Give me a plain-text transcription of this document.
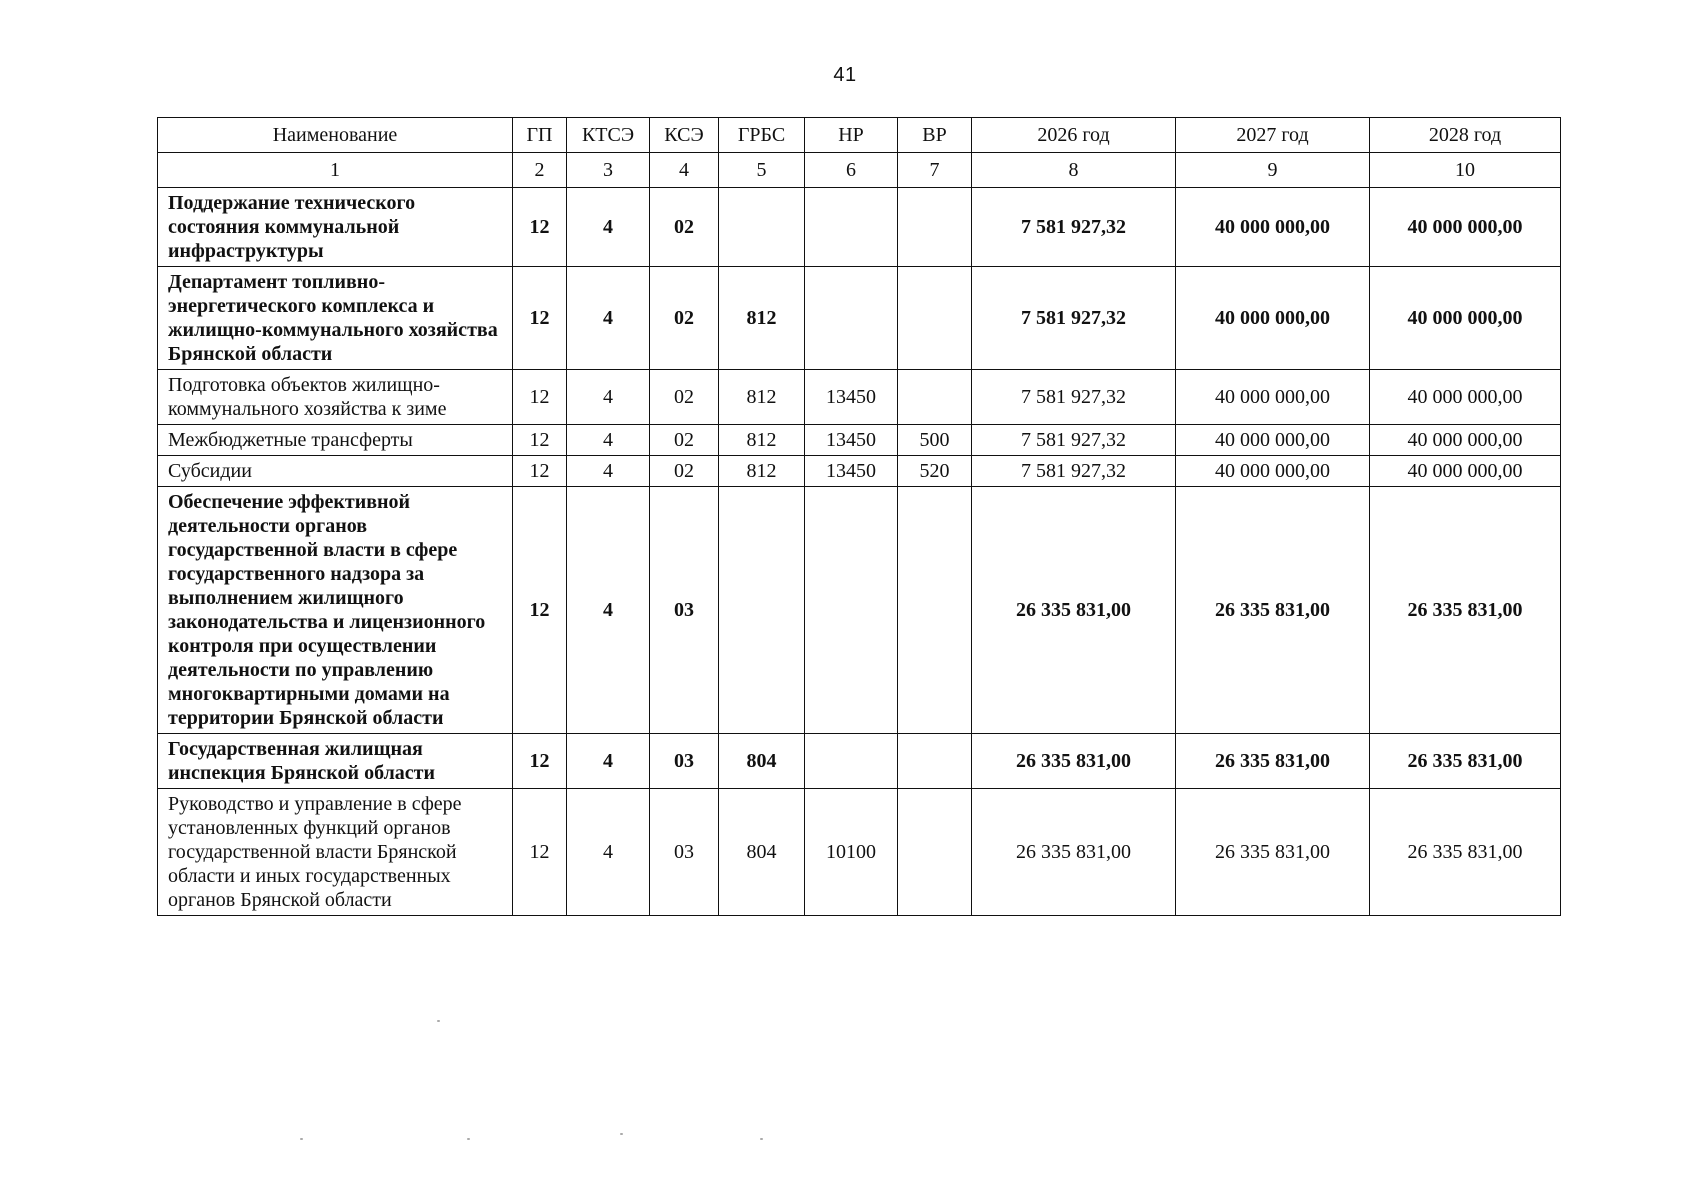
41
Наименование	ГП	КТСЭ	КСЭ	ГРБС	НР	ВР	2026 год	2027 год	2028 год
1	2	3	4	5	6	7	8	9	10
Поддержание технического состояния коммунальной инфраструктуры	12	4	02				7 581 927,32	40 000 000,00	40 000 000,00
Департамент топливно-энергетического комплекса и жилищно-коммунального хозяйства Брянской области	12	4	02	812			7 581 927,32	40 000 000,00	40 000 000,00
Подготовка объектов жилищно-коммунального хозяйства к зиме	12	4	02	812	13450		7 581 927,32	40 000 000,00	40 000 000,00
Межбюджетные трансферты	12	4	02	812	13450	500	7 581 927,32	40 000 000,00	40 000 000,00
Субсидии	12	4	02	812	13450	520	7 581 927,32	40 000 000,00	40 000 000,00
Обеспечение эффективной деятельности органов государственной власти в сфере государственного надзора за выполнением жилищного законодательства и лицензионного контроля при осуществлении деятельности по управлению многоквартирными домами на территории Брянской области	12	4	03				26 335 831,00	26 335 831,00	26 335 831,00
Государственная жилищная инспекция Брянской области	12	4	03	804			26 335 831,00	26 335 831,00	26 335 831,00
Руководство и управление в сфере установленных функций органов государственной власти Брянской области и иных государственных органов Брянской области	12	4	03	804	10100		26 335 831,00	26 335 831,00	26 335 831,00
